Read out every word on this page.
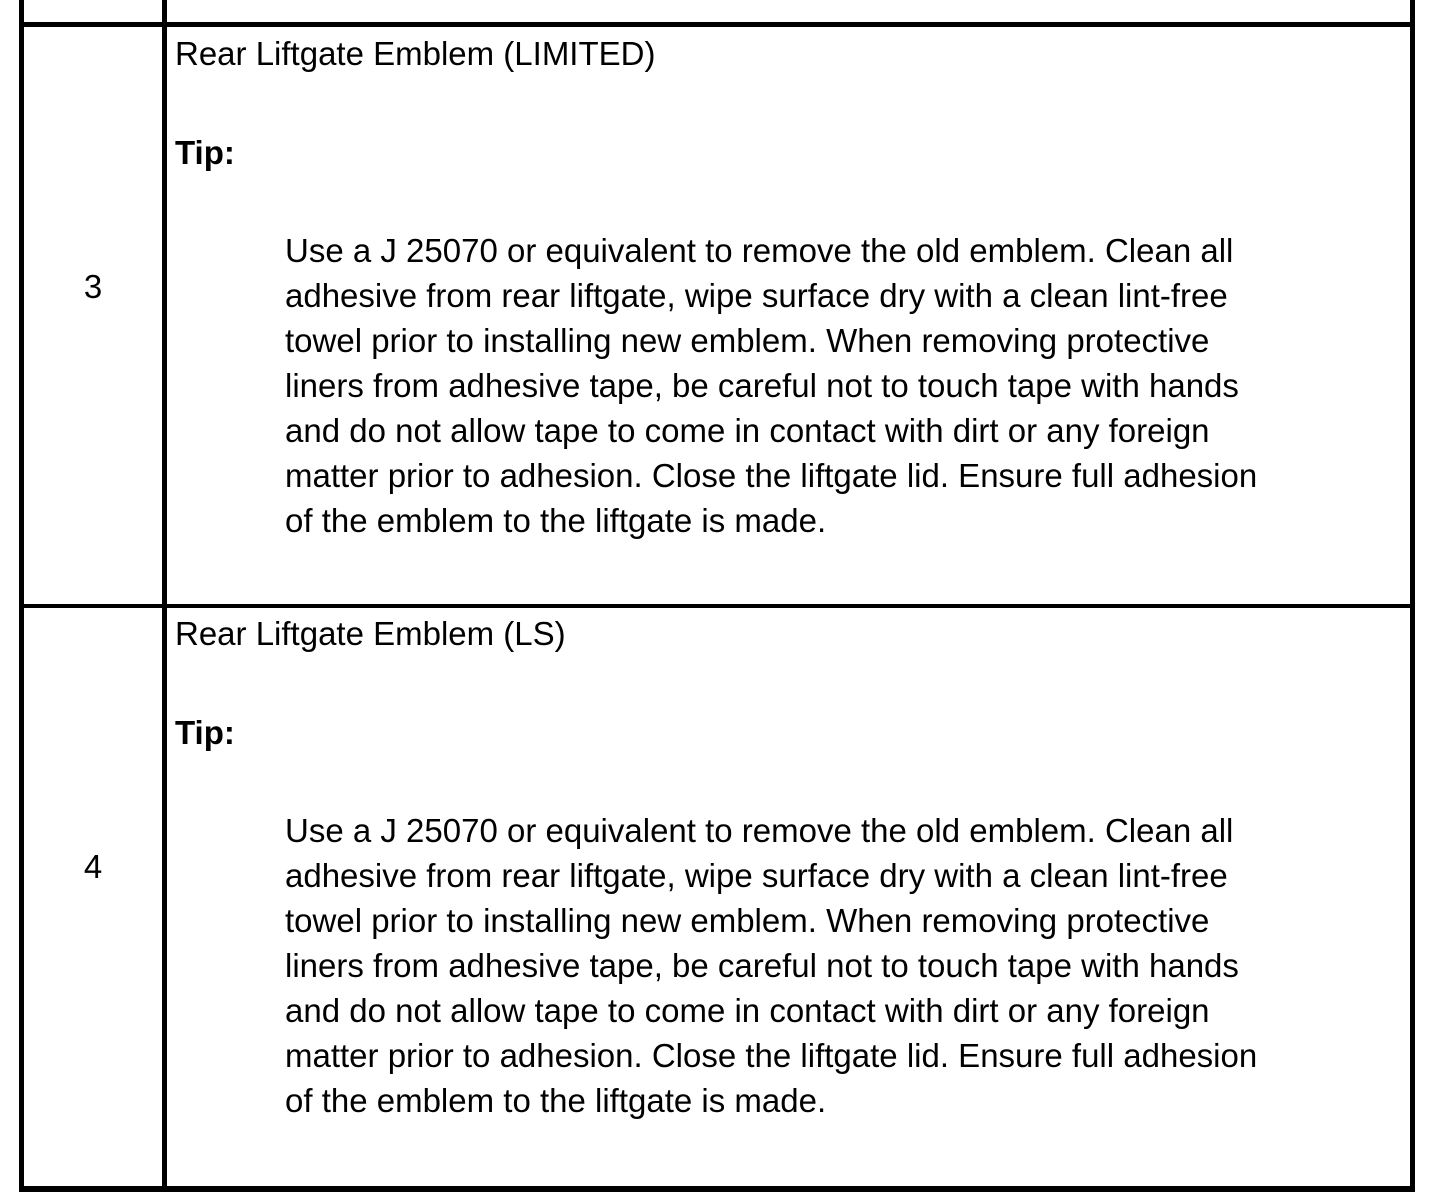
3
Rear Liftgate Emblem (LIMITED)
Tip:

Use a J 25070 or equivalent to remove the old emblem. Clean all
adhesive from rear liftgate, wipe surface dry with a clean lint-free
towel prior to installing new emblem. When removing protective
liners from adhesive tape, be careful not to touch tape with hands
and do not allow tape to come in contact with dirt or any foreign
matter prior to adhesion. Close the liftgate lid. Ensure full adhesion
of the emblem to the liftgate is made.

4
Rear Liftgate Emblem (LS)
Tip:

Use a J 25070 or equivalent to remove the old emblem. Clean all
adhesive from rear liftgate, wipe surface dry with a clean lint-free
towel prior to installing new emblem. When removing protective
liners from adhesive tape, be careful not to touch tape with hands
and do not allow tape to come in contact with dirt or any foreign
matter prior to adhesion. Close the liftgate lid. Ensure full adhesion
of the emblem to the liftgate is made.
